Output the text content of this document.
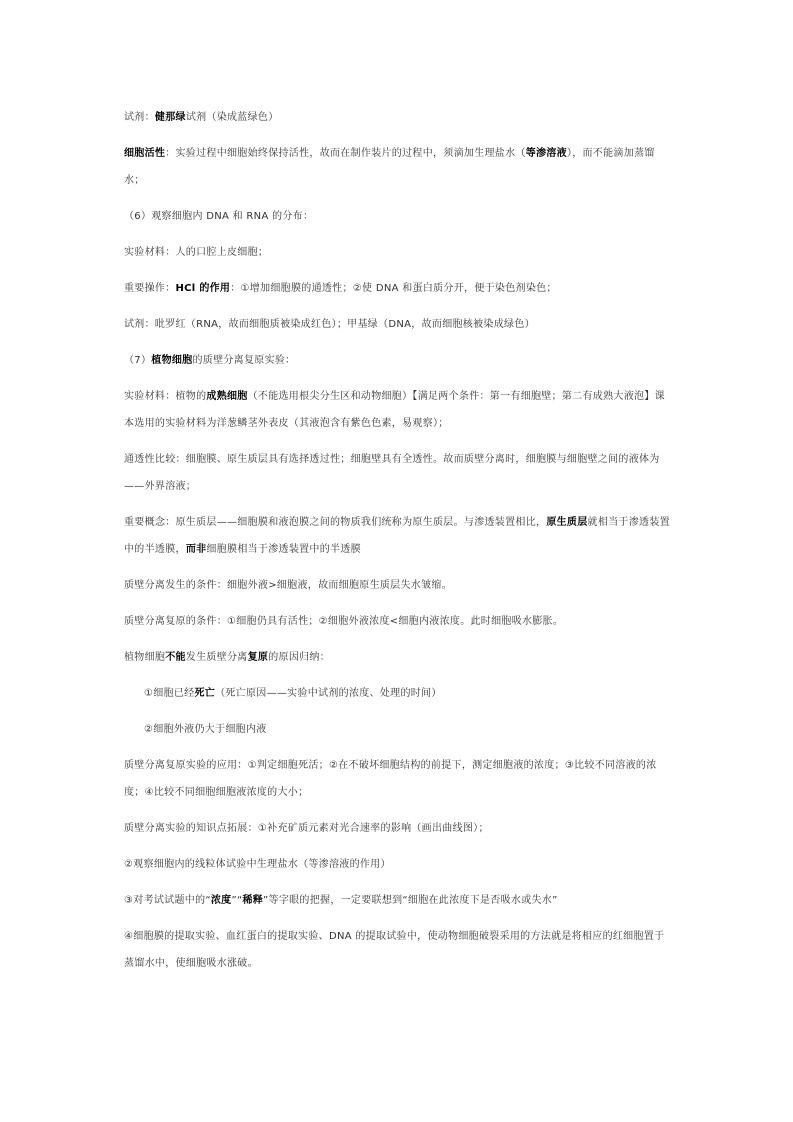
试剂：健那绿试剂（染成蓝绿色）

细胞活性：实验过程中细胞始终保持活性，故而在制作装片的过程中，须滴加生理盐水（等渗溶液），而不能滴加蒸馏水；

（6）观察细胞内 DNA 和 RNA 的分布：

实验材料：人的口腔上皮细胞；

重要操作：HCl 的作用：①增加细胞膜的通透性；②使 DNA 和蛋白质分开，便于染色剂染色；

试剂：吡罗红（RNA，故而细胞质被染成红色）；甲基绿（DNA，故而细胞核被染成绿色）

（7）植物细胞的质壁分离复原实验：

实验材料：植物的成熟细胞（不能选用根尖分生区和动物细胞）【满足两个条件：第一有细胞壁；第二有成熟大液泡】课本选用的实验材料为洋葱鳞茎外表皮（其液泡含有紫色色素，易观察）；

通透性比较：细胞膜、原生质层具有选择透过性；细胞壁具有全透性。故而质壁分离时，细胞膜与细胞壁之间的液体为——外界溶液；

重要概念：原生质层——细胞膜和液泡膜之间的物质我们统称为原生质层。与渗透装置相比，原生质层就相当于渗透装置中的半透膜，而非细胞膜相当于渗透装置中的半透膜

质壁分离发生的条件：细胞外液>细胞液，故而细胞原生质层失水皱缩。

质壁分离复原的条件：①细胞仍具有活性；②细胞外液浓度<细胞内液浓度。此时细胞吸水膨胀。

植物细胞不能发生质壁分离复原的原因归纳：

①细胞已经死亡（死亡原因——实验中试剂的浓度、处理的时间）

②细胞外液仍大于细胞内液

质壁分离复原实验的应用：①判定细胞死活；②在不破坏细胞结构的前提下，测定细胞液的浓度；③比较不同溶液的浓度；④比较不同细胞细胞液浓度的大小；

质壁分离实验的知识点拓展：①补充矿质元素对光合速率的影响（画出曲线图）；

②观察细胞内的线粒体试验中生理盐水（等渗溶液的作用）

③对考试试题中的“浓度”“稀释”等字眼的把握，一定要联想到“细胞在此浓度下是否吸水或失水”

④细胞膜的提取实验、血红蛋白的提取实验、DNA 的提取试验中，使动物细胞破裂采用的方法就是将相应的红细胞置于蒸馏水中，使细胞吸水涨破。
